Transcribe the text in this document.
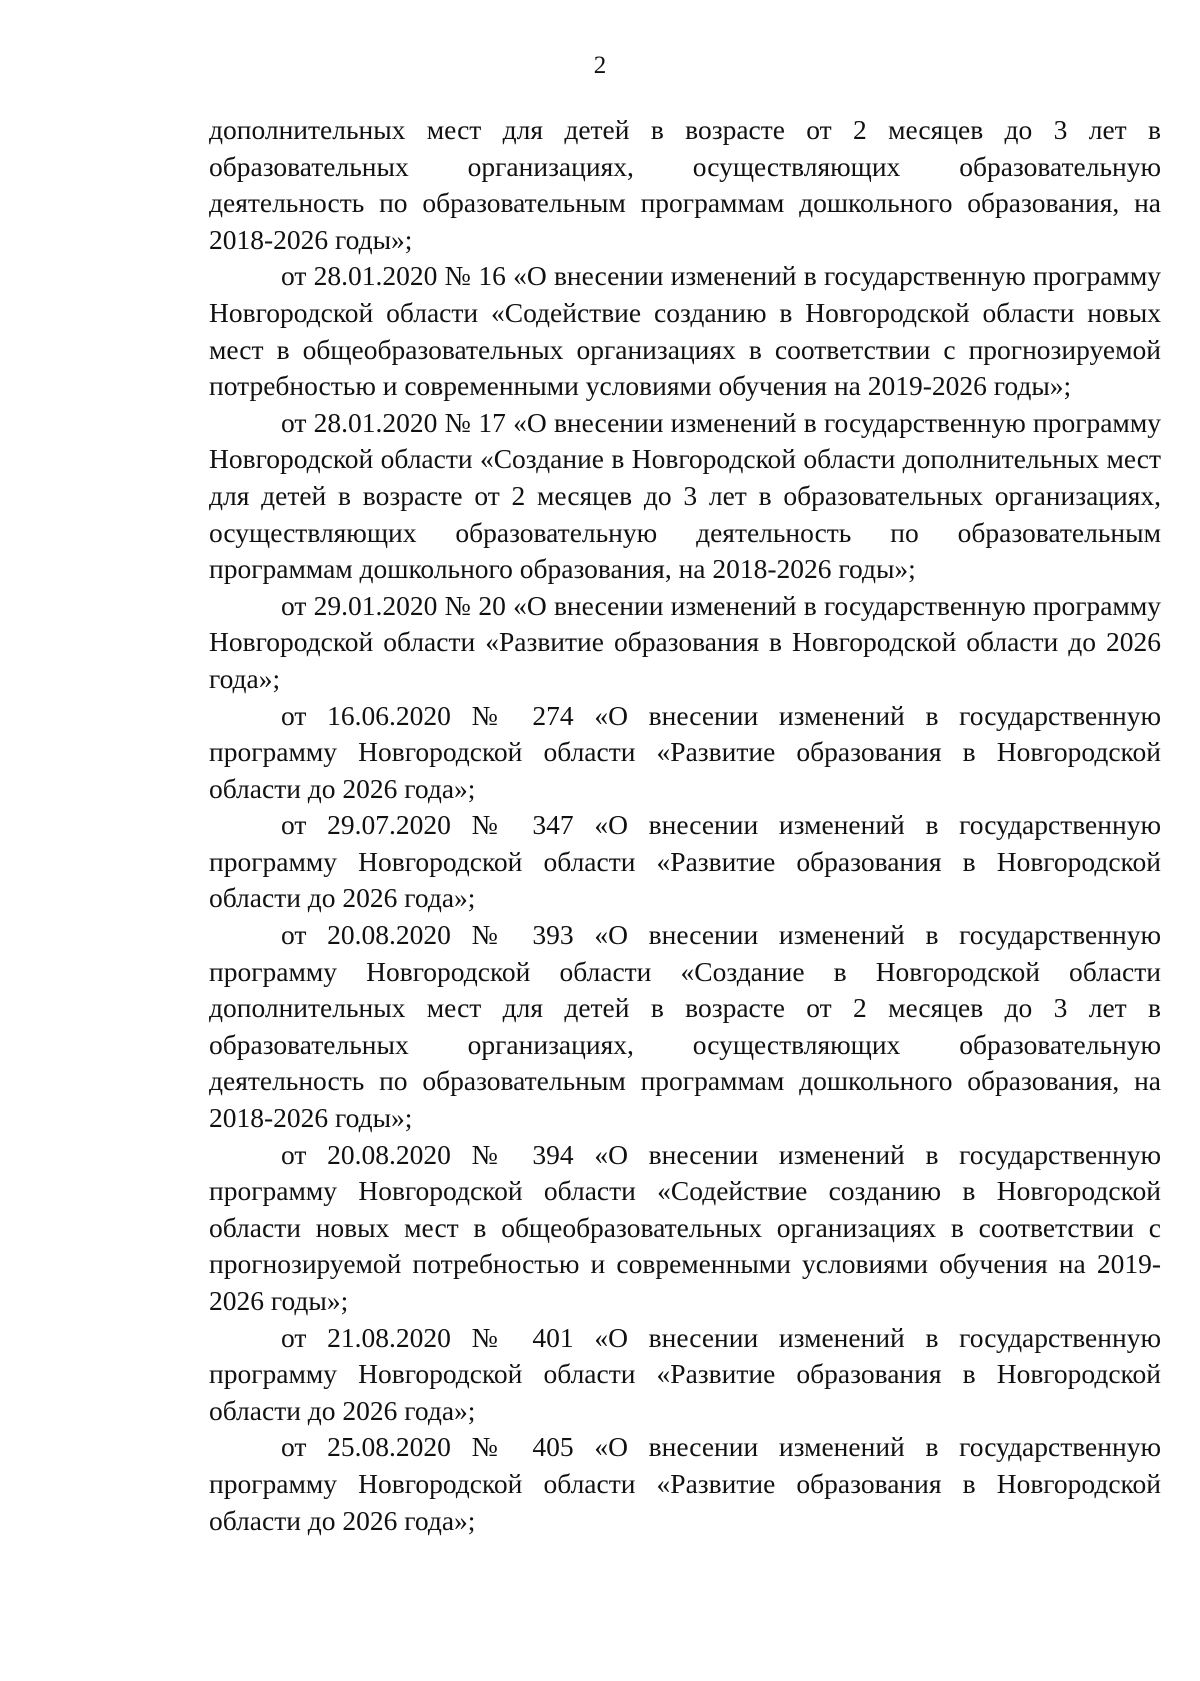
2

дополнительных мест для детей в возрасте от 2 месяцев до 3 лет в образовательных организациях, осуществляющих образовательную деятельность по образовательным программам дошкольного образования, на 2018-2026 годы»;

от 28.01.2020 № 16 «О внесении изменений в государственную программу Новгородской области «Содействие созданию в Новгородской области новых мест в общеобразовательных организациях в соответствии с прогнозируемой потребностью и современными условиями обучения на 2019-2026 годы»;

от 28.01.2020 № 17 «О внесении изменений в государственную программу Новгородской области «Создание в Новгородской области дополнительных мест для детей в возрасте от 2 месяцев до 3 лет в образовательных организациях, осуществляющих образовательную деятельность по образовательным программам дошкольного образования, на 2018-2026 годы»;

от 29.01.2020 № 20 «О внесении изменений в государственную программу Новгородской области «Развитие образования в Новгородской области до 2026 года»;

от 16.06.2020 № 274 «О внесении изменений в государственную программу Новгородской области «Развитие образования в Новгородской области до 2026 года»;

от 29.07.2020 № 347 «О внесении изменений в государственную программу Новгородской области «Развитие образования в Новгородской области до 2026 года»;

от 20.08.2020 № 393 «О внесении изменений в государственную программу Новгородской области «Создание в Новгородской области дополнительных мест для детей в возрасте от 2 месяцев до 3 лет в образовательных организациях, осуществляющих образовательную деятельность по образовательным программам дошкольного образования, на 2018-2026 годы»;

от 20.08.2020 № 394 «О внесении изменений в государственную программу Новгородской области «Содействие созданию в Новгородской области новых мест в общеобразовательных организациях в соответствии с прогнозируемой потребностью и современными условиями обучения на 2019-2026 годы»;

от 21.08.2020 № 401 «О внесении изменений в государственную программу Новгородской области «Развитие образования в Новгородской области до 2026 года»;

от 25.08.2020 № 405 «О внесении изменений в государственную программу Новгородской области «Развитие образования в Новгородской области до 2026 года»;
